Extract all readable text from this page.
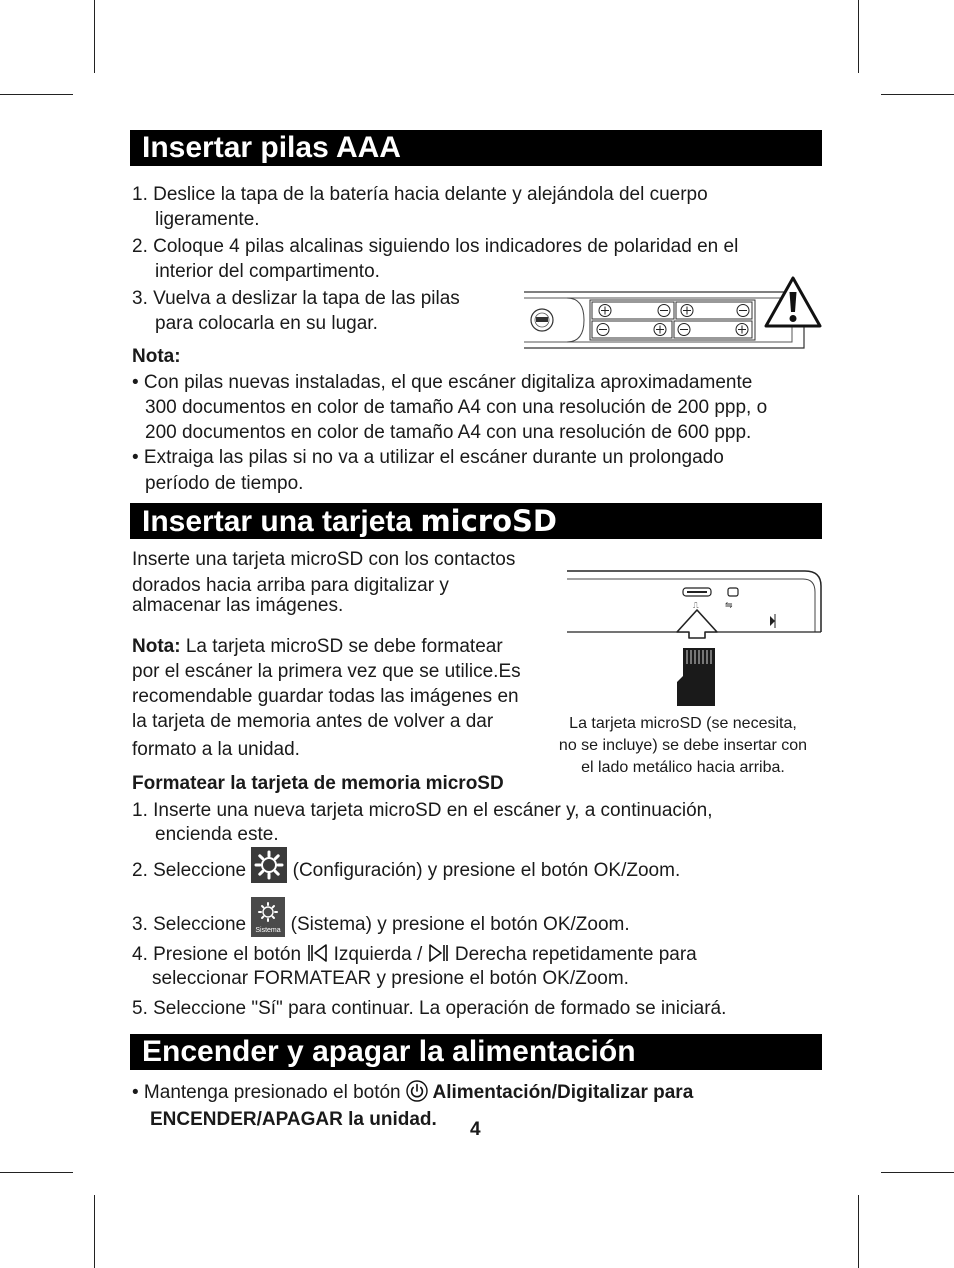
Insertar pilas AAA
1. Deslice la tapa de la batería hacia delante y alejándola del cuerpo
ligeramente.
2. Coloque 4 pilas alcalinas siguiendo los indicadores de polaridad en el
interior del compartimento.
3. Vuelva a deslizar la tapa de las pilas
para colocarla en su lugar.
Nota:
• Con pilas nuevas instaladas, el que escáner digitaliza aproximadamente
300 documentos en color de tamaño A4 con una resolución de 200 ppp, o
200 documentos en color de tamaño A4 con una resolución de 600 ppp.
• Extraiga las pilas si no va a utilizar el escáner durante un prolongado
período de tiempo.
Insertar una tarjeta microSD
Inserte una tarjeta microSD con los contactos
dorados hacia arriba para digitalizar y
almacenar las imágenes.
Nota: La tarjeta microSD se debe formatear
por el escáner la primera vez que se utilice.Es
recomendable guardar todas las imágenes en
la tarjeta de memoria antes de volver a dar
formato a la unidad.
⎍	⇋
La tarjeta microSD (se necesita,
no se incluye) se debe insertar con
el lado metálico hacia arriba.
Formatear la tarjeta de memoria microSD
1. Inserte una nueva tarjeta microSD en el escáner y, a continuación,
encienda este.
2. Seleccione  (Configuración) y presione el botón OK/Zoom.
3. Seleccione Sistema (Sistema) y presione el botón OK/Zoom.
4. Presione el botón  Izquierda /  Derecha repetidamente para
seleccionar FORMATEAR y presione el botón OK/Zoom.
5. Seleccione "Sí" para continuar. La operación de formado se iniciará.
Encender y apagar la alimentación
• Mantenga presionado el botón  Alimentación/Digitalizar para
ENCENDER/APAGAR la unidad. 4
